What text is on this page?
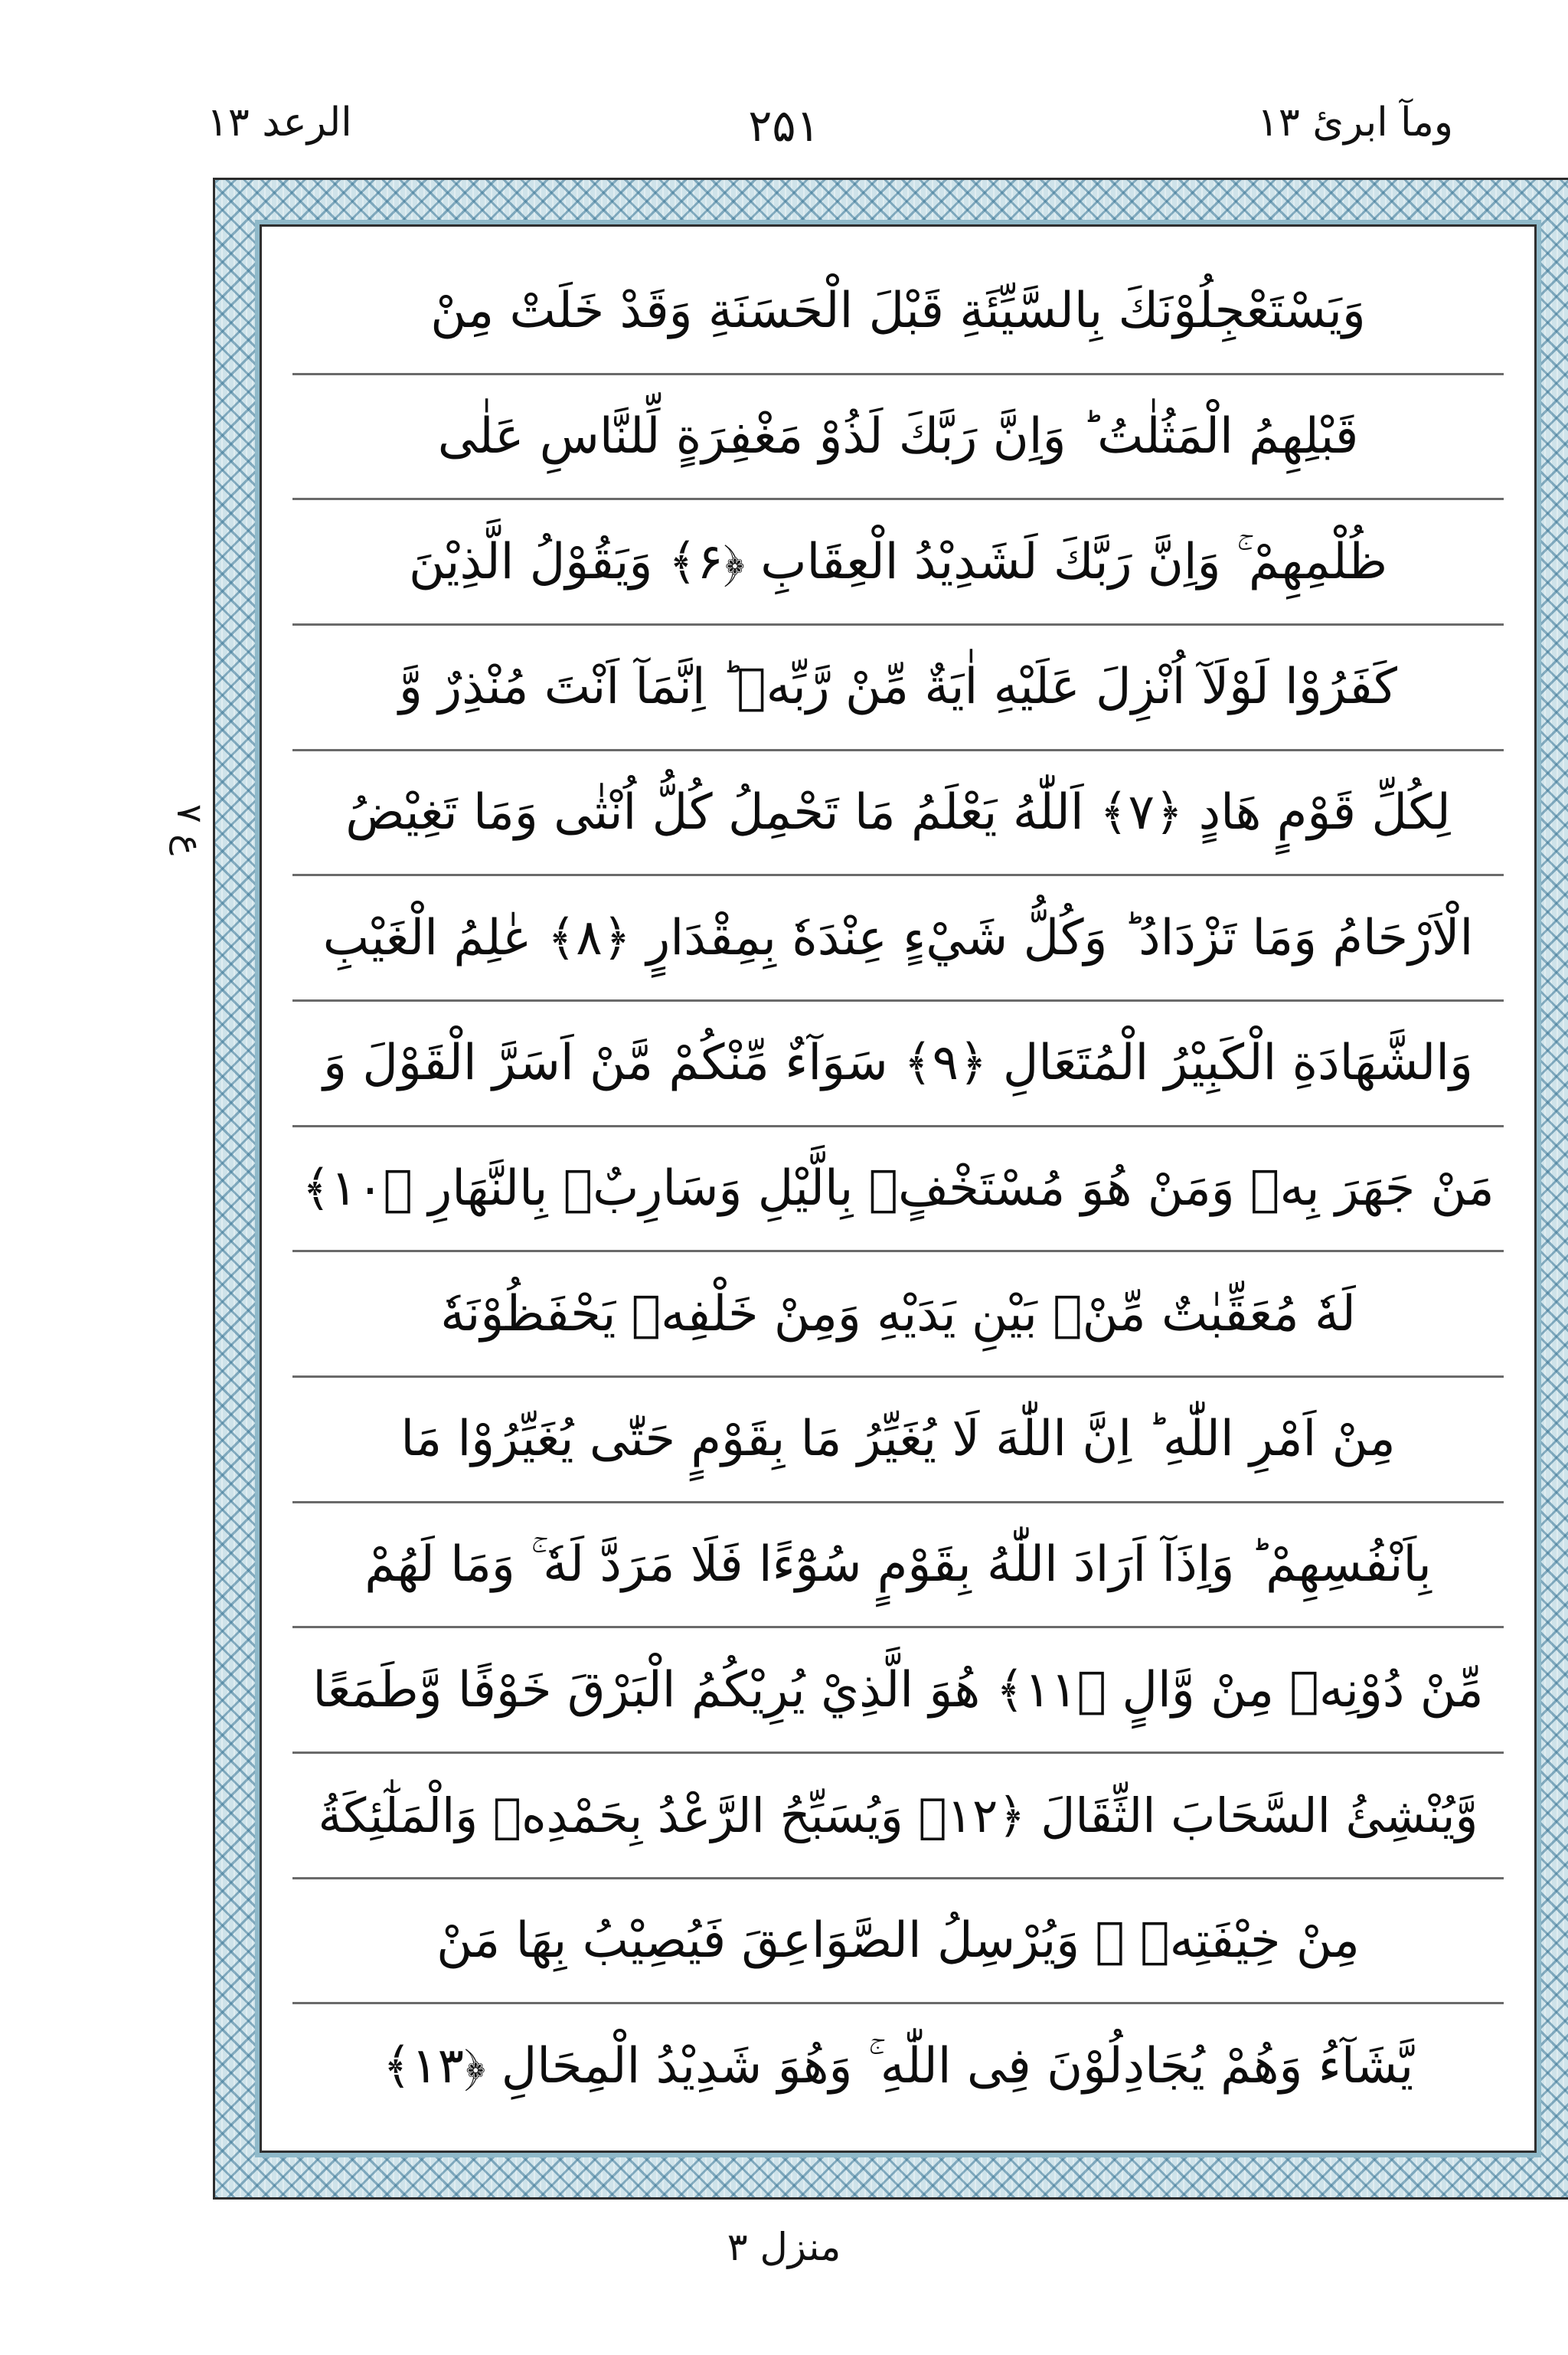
ومآ ابرئ ۱۳
۲۵۱
الرعد ۱۳
ع ۷
وَيَسْتَعْجِلُوْنَكَ بِالسَّيِّئَةِ قَبْلَ الْحَسَنَةِ وَقَدْ خَلَتْ مِنْ
قَبْلِهِمُ الْمَثُلٰتُ ؕ وَاِنَّ رَبَّكَ لَذُوْ مَغْفِرَةٍ لِّلنَّاسِ عَلٰى
ظُلْمِهِمْ ۚ وَاِنَّ رَبَّكَ لَشَدِيْدُ الْعِقَابِ ﴿۶﴾ وَيَقُوْلُ الَّذِيْنَ
كَفَرُوْا لَوْلَآ اُنْزِلَ عَلَيْهِ اٰيَةٌ مِّنْ رَّبِّهٖ ؕ اِنَّمَآ اَنْتَ مُنْذِرٌ وَّ
لِكُلِّ قَوْمٍ هَادٍ ﴿۷﴾ اَللّٰهُ يَعْلَمُ مَا تَحْمِلُ كُلُّ اُنْثٰى وَمَا تَغِيْضُ
الْاَرْحَامُ وَمَا تَزْدَادُ ؕ وَكُلُّ شَيْءٍ عِنْدَهٗ بِمِقْدَارٍ ﴿۸﴾ عٰلِمُ الْغَيْبِ
وَالشَّهَادَةِ الْكَبِيْرُ الْمُتَعَالِ ﴿۹﴾ سَوَآءٌ مِّنْكُمْ مَّنْ اَسَرَّ الْقَوْلَ وَ
مَنْ جَهَرَ بِهٖ وَمَنْ هُوَ مُسْتَخْفٍۢ بِالَّيْلِ وَسَارِبٌۢ بِالنَّهَارِ ﴿۱۰﴾
لَهٗ مُعَقِّبٰتٌ مِّنْۢ بَيْنِ يَدَيْهِ وَمِنْ خَلْفِهٖ يَحْفَظُوْنَهٗ
مِنْ اَمْرِ اللّٰهِ ؕ اِنَّ اللّٰهَ لَا يُغَيِّرُ مَا بِقَوْمٍ حَتّٰى يُغَيِّرُوْا مَا
بِاَنْفُسِهِمْ ؕ وَاِذَآ اَرَادَ اللّٰهُ بِقَوْمٍ سُوْٓءًا فَلَا مَرَدَّ لَهٗ ۚ وَمَا لَهُمْ
مِّنْ دُوْنِهٖ مِنْ وَّالٍ ﴿۱۱﴾ هُوَ الَّذِيْ يُرِيْكُمُ الْبَرْقَ خَوْفًا وَّطَمَعًا
وَّيُنْشِئُ السَّحَابَ الثِّقَالَ ﴿۱۲﴾ وَيُسَبِّحُ الرَّعْدُ بِحَمْدِهٖ وَالْمَلٰٓئِكَةُ
مِنْ خِيْفَتِهٖ ۚ وَيُرْسِلُ الصَّوَاعِقَ فَيُصِيْبُ بِهَا مَنْ
يَّشَآءُ وَهُمْ يُجَادِلُوْنَ فِى اللّٰهِ ۚ وَهُوَ شَدِيْدُ الْمِحَالِ ﴿۱۳﴾
منزل ۳
